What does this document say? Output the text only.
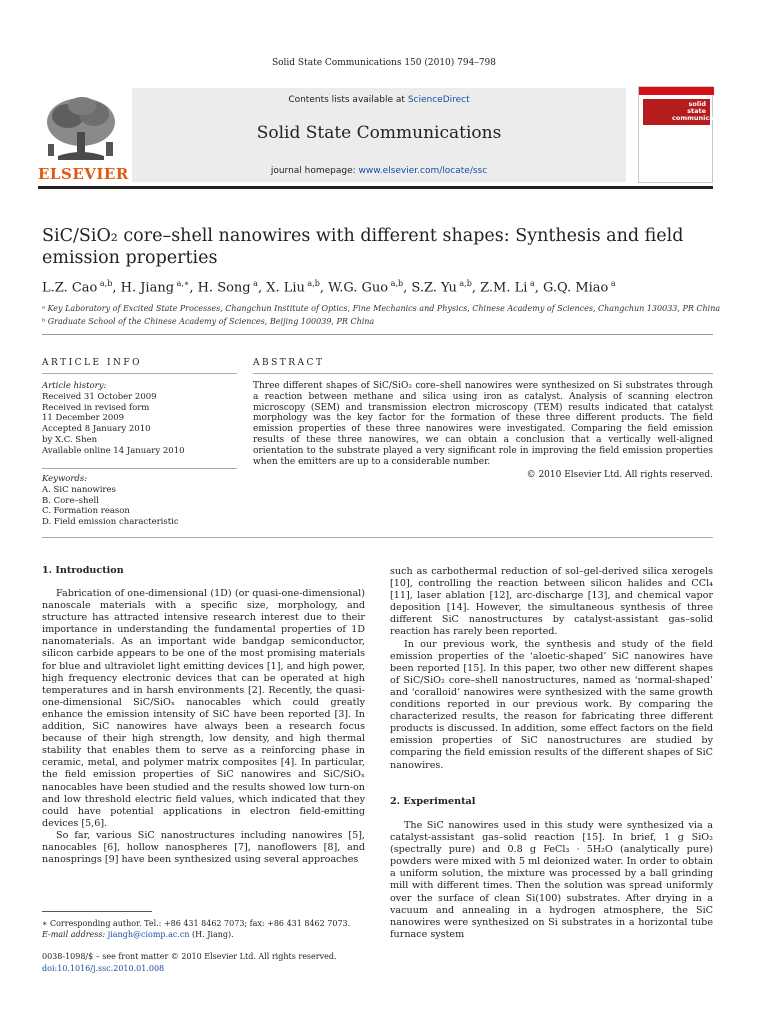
Solid State Communications 150 (2010) 794–798
Contents lists available at ScienceDirect
Solid State Communications
journal homepage: www.elsevier.com/locate/ssc
ELSEVIER
solid state communications
SiC/SiO₂ core–shell nanowires with different shapes: Synthesis and field emission properties
L.Z. Cao $^{a,b}$, H. Jiang $^{a,∗}$, H. Song $^a$, X. Liu $^{a,b}$, W.G. Guo $^{a,b}$, S.Z. Yu $^{a,b}$, Z.M. Li $^a$, G.Q. Miao $^a$
ᵃ Key Laboratory of Excited State Processes, Changchun Institute of Optics, Fine Mechanics and Physics, Chinese Academy of Sciences, Changchun 130033, PR China
ᵇ Graduate School of the Chinese Academy of Sciences, Beijing 100039, PR China
ARTICLE INFO	ABSTRACT
Article history:
Received 31 October 2009
Received in revised form
11 December 2009
Accepted 8 January 2010
by X.C. Shen
Available online 14 January 2010
Keywords:
A. SiC nanowires
B. Core–shell
C. Formation reason
D. Field emission characteristic
Three different shapes of SiC/SiO₂ core–shell nanowires were synthesized on Si substrates through a reaction between methane and silica using iron as catalyst. Analysis of scanning electron microscopy (SEM) and transmission electron microscopy (TEM) results indicated that catalyst morphology was the key factor for the formation of these three different products. The field emission properties of these three nanowires were investigated. Comparing the field emission results of these three nanowires, we can obtain a conclusion that a vertically well-aligned orientation to the substrate played a very significant role in improving the field emission properties when the emitters are up to a considerable number.
© 2010 Elsevier Ltd. All rights reserved.
1. Introduction

Fabrication of one-dimensional (1D) (or quasi-one-dimensional) nanoscale materials with a specific size, morphology, and structure has attracted intensive research interest due to their importance in understanding the fundamental properties of 1D nanomaterials. As an important wide bandgap semiconductor, silicon carbide appears to be one of the most promising materials for blue and ultraviolet light emitting devices [1], and high power, high frequency electronic devices that can be operated at high temperatures and in harsh environments [2]. Recently, the quasi-one-dimensional SiC/SiOₓ nanocables which could greatly enhance the emission intensity of SiC have been reported [3]. In addition, SiC nanowires have always been a research focus because of their high strength, low density, and high thermal stability that enables them to serve as a reinforcing phase in ceramic, metal, and polymer matrix composites [4]. In particular, the field emission properties of SiC nanowires and SiC/SiOₓ nanocables have been studied and the results showed low turn-on and low threshold electric field values, which indicated that they could have potential applications in electron field-emitting devices [5,6].

So far, various SiC nanostructures including nanowires [5], nanocables [6], hollow nanospheres [7], nanoflowers [8], and nanosprings [9] have been synthesized using several approaches

such as carbothermal reduction of sol–gel-derived silica xerogels [10], controlling the reaction between silicon halides and CCl₄ [11], laser ablation [12], arc-discharge [13], and chemical vapor deposition [14]. However, the simultaneous synthesis of three different SiC nanostructures by catalyst-assistant gas–solid reaction has rarely been reported.

In our previous work, the synthesis and study of the field emission properties of the ‘aloetic-shaped’ SiC nanowires have been reported [15]. In this paper, two other new different shapes of SiC/SiO₂ core–shell nanostructures, named as ‘normal-shaped’ and ‘coralloid’ nanowires were synthesized with the same growth conditions reported in our previous work. By comparing the characterized results, the reason for fabricating three different products is discussed. In addition, some effect factors on the field emission properties of SiC nanostructures are studied by comparing the field emission results of the different shapes of SiC nanowires.

2. Experimental

The SiC nanowires used in this study were synthesized via a catalyst-assistant gas–solid reaction [15]. In brief, 1 g SiO₂ (spectrally pure) and 0.8 g FeCl₃ · 5H₂O (analytically pure) powders were mixed with 5 ml deionized water. In order to obtain a uniform solution, the mixture was processed by a ball grinding mill with different times. Then the solution was spread uniformly over the surface of clean Si(100) substrates. After drying in a vacuum and annealing in a hydrogen atmosphere, the SiC nanowires were synthesized on Si substrates in a horizontal tube furnace system

∗ Corresponding author. Tel.: +86 431 8462 7073; fax: +86 431 8462 7073.
E-mail address: jiangh@ciomp.ac.cn (H. Jiang).
0038-1098/$ – see front matter © 2010 Elsevier Ltd. All rights reserved.
doi:10.1016/j.ssc.2010.01.008
